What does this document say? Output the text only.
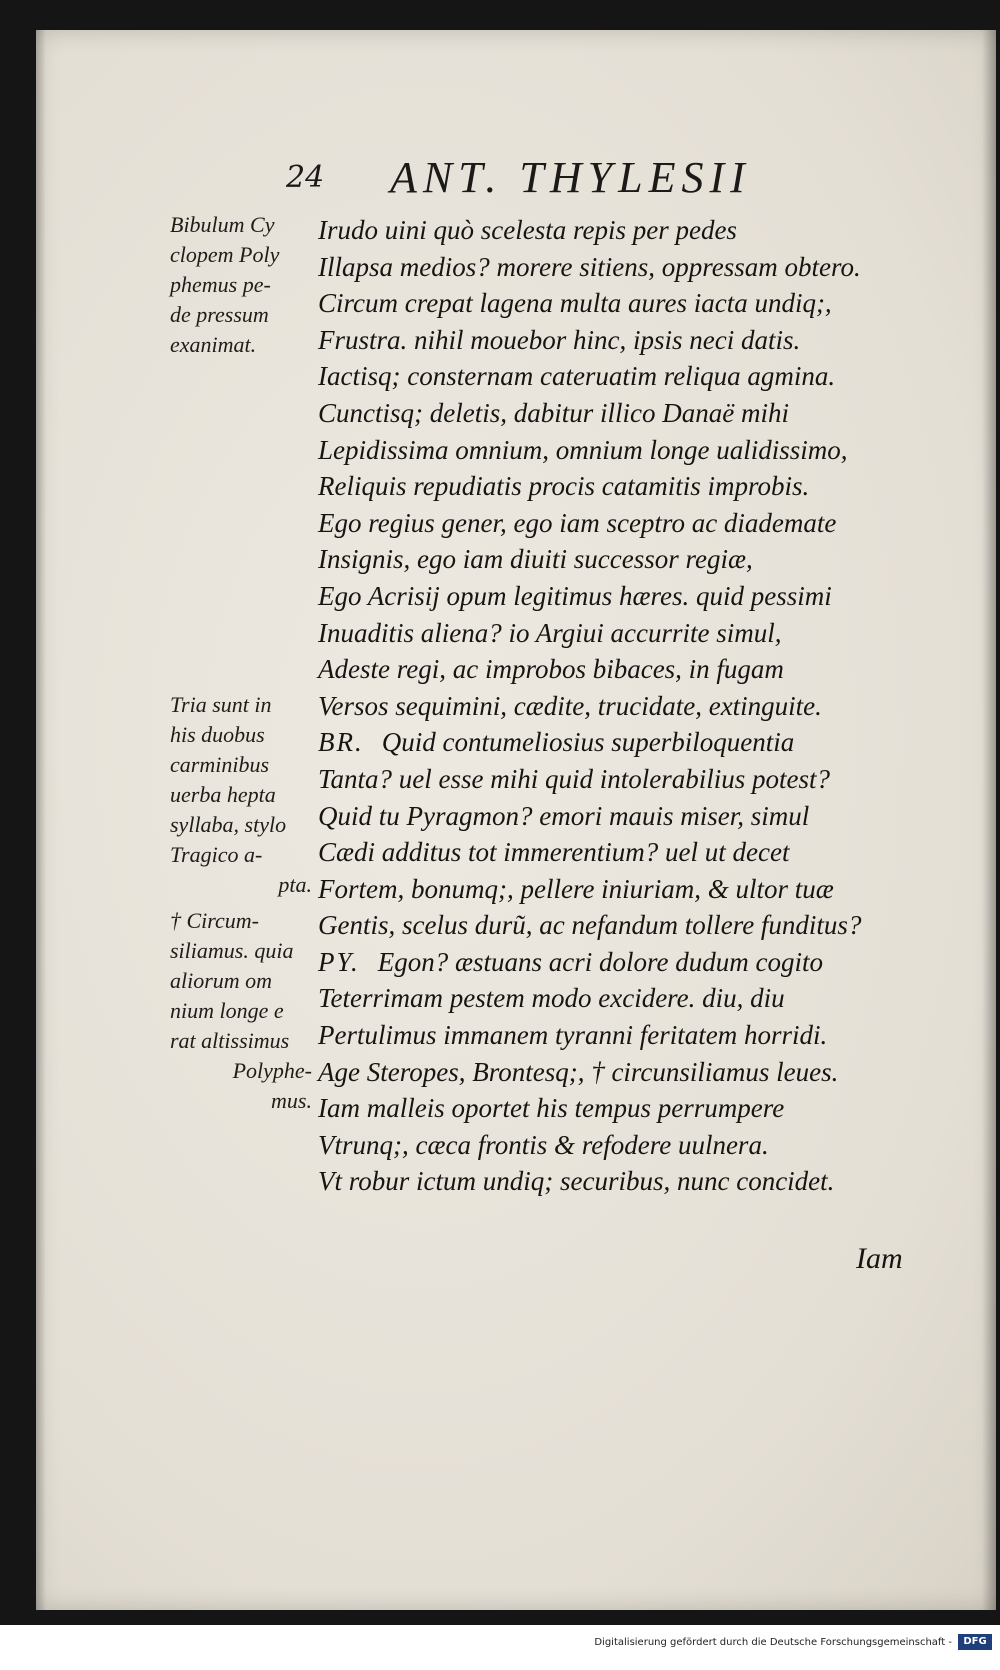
24 ANT. THYLESII
Bibulum Cy
clopem Poly
phemus pe-
de pressum
exanimat.
Tria sunt in
his duobus
carminibus
uerba hepta
syllaba, stylo
Tragico a-
pta.
† Circum-
siliamus. quia
aliorum om
nium longe e
rat altissimus
Polyphe-
mus.
Irudo uini quò scelesta repis per pedes
Illapsa medios? morere sitiens, oppressam obtero.
Circum crepat lagena multa aures iacta undiq;,
Frustra. nihil mouebor hinc, ipsis neci datis.
Iactisq; consternam cateruatim reliqua agmina.
Cunctisq; deletis, dabitur illico Danaë mihi
Lepidissima omnium, omnium longe ualidissimo,
Reliquis repudiatis procis catamitis improbis.
Ego regius gener, ego iam sceptro ac diademate
Insignis, ego iam diuiti successor regiæ,
Ego Acrisij opum legitimus hæres. quid pessimi
Inuaditis aliena? io Argiui accurrite simul,
Adeste regi, ac improbos bibaces, in fugam
Versos sequimini, cædite, trucidate, extinguite.
BR. Quid contumeliosius superbiloquentia
Tanta? uel esse mihi quid intolerabilius potest?
Quid tu Pyragmon? emori mauis miser, simul
Cædi additus tot immerentium? uel ut decet
Fortem, bonumq;, pellere iniuriam, & ultor tuæ
Gentis, scelus durũ, ac nefandum tollere funditus?
PY. Egon? æstuans acri dolore dudum cogito
Teterrimam pestem modo excidere. diu, diu
Pertulimus immanem tyranni feritatem horridi.
Age Steropes, Brontesq;, † circunsiliamus leues.
Iam malleis oportet his tempus perrumpere
Vtrunq;, cæca frontis & refodere uulnera.
Vt robur ictum undiq; securibus, nunc concidet.
Iam
Digitalisierung gefördert durch die Deutsche Forschungsgemeinschaft -	DFG
